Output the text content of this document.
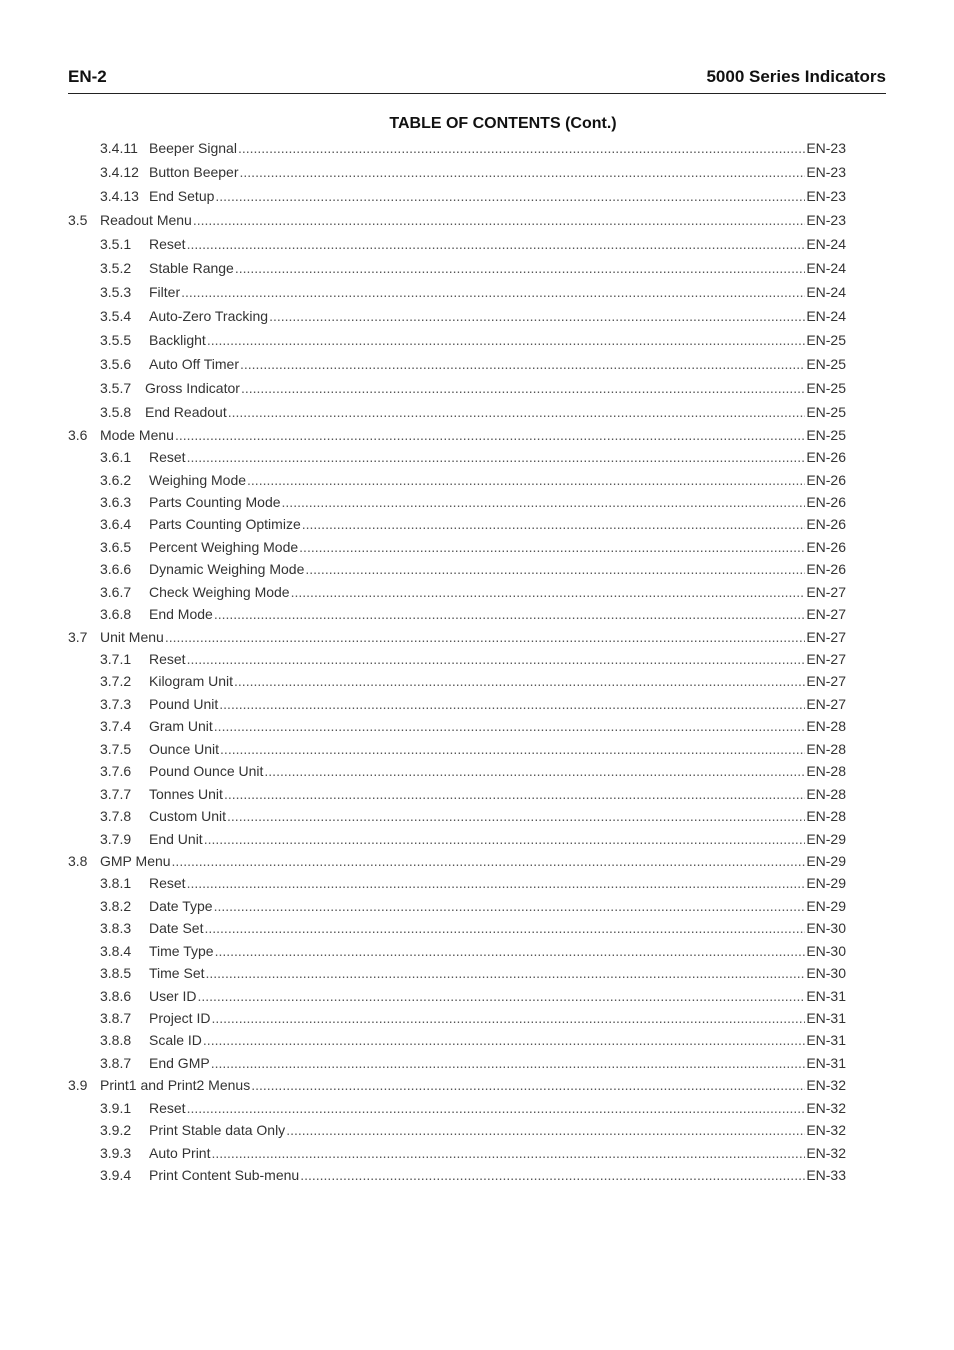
EN-2	5000 Series Indicators
TABLE OF CONTENTS (Cont.)
3.4.11 Beeper Signal .....	EN-23
3.4.12 Button Beeper .....	EN-23
3.4.13 End Setup .....	EN-23
3.5 Readout Menu .....	EN-23
3.5.1	Reset .....	EN-24
3.5.2	Stable Range .....	EN-24
3.5.3	Filter .....	EN-24
3.5.4	Auto-Zero Tracking .....	EN-24
3.5.5	Backlight .....	EN-25
3.5.6	Auto Off Timer .....	EN-25
3.5.7 Gross Indicator .....	EN-25
3.5.8 End Readout .....	EN-25
3.6 Mode Menu .....	EN-25
3.6.1	Reset .....	EN-26
3.6.2	Weighing Mode .....	EN-26
3.6.3	Parts Counting Mode .....	EN-26
3.6.4	Parts Counting Optimize .....	EN-26
3.6.5	Percent Weighing Mode .....	EN-26
3.6.6	Dynamic Weighing Mode .....	EN-26
3.6.7	Check Weighing Mode .....	EN-27
3.6.8	End Mode .....	EN-27
3.7 Unit Menu .....	EN-27
3.7.1	Reset .....	EN-27
3.7.2	Kilogram Unit .....	EN-27
3.7.3	Pound Unit .....	EN-27
3.7.4	Gram Unit .....	EN-28
3.7.5	Ounce Unit .....	EN-28
3.7.6	Pound Ounce Unit .....	EN-28
3.7.7	Tonnes Unit .....	EN-28
3.7.8	Custom Unit .....	EN-28
3.7.9	End Unit .....	EN-29
3.8 GMP Menu .....	EN-29
3.8.1	Reset .....	EN-29
3.8.2	Date Type .....	EN-29
3.8.3	Date Set .....	EN-30
3.8.4	Time Type .....	EN-30
3.8.5	Time Set .....	EN-30
3.8.6	User ID .....	EN-31
3.8.7	Project ID .....	EN-31
3.8.8	Scale ID .....	EN-31
3.8.7	End GMP .....	EN-31
3.9 Print1 and Print2 Menus .....	EN-32
3.9.1	Reset .....	EN-32
3.9.2	Print Stable data Only .....	EN-32
3.9.3	Auto Print .....	EN-32
3.9.4	Print Content Sub-menu .....	EN-33
